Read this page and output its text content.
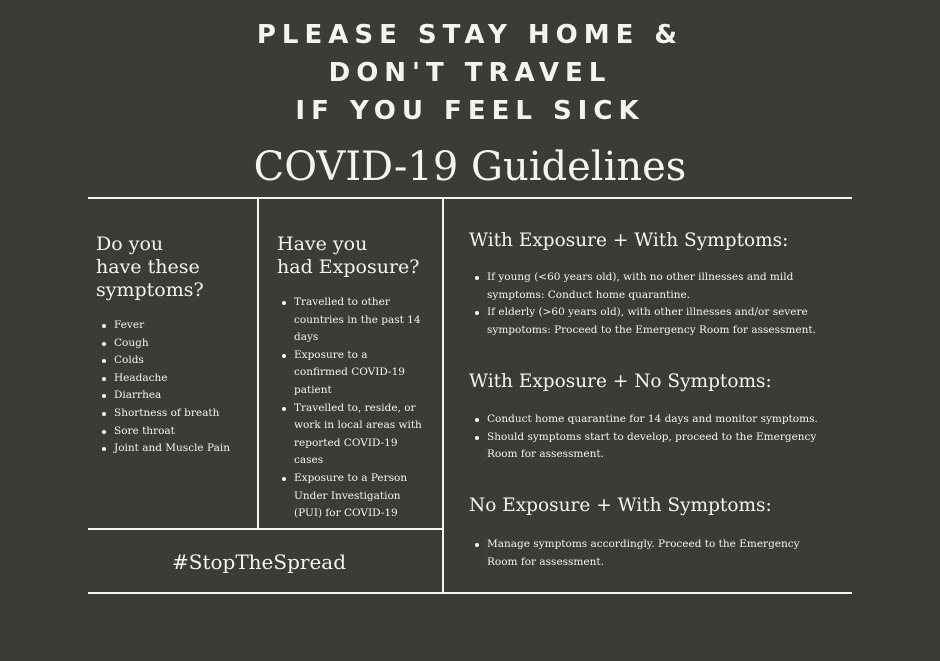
PLEASE STAY HOME &
DON'T TRAVEL
IF YOU FEEL SICK
COVID-19 Guidelines
Do you
have these
symptoms?
Fever
Cough
Colds
Headache
Diarrhea
Shortness of breath
Sore throat
Joint and Muscle Pain
Have you
had Exposure?
Travelled to other countries in the past 14 days
Exposure to a confirmed COVID-19 patient
Travelled to, reside, or work in local areas with reported COVID-19 cases
Exposure to a Person Under Investigation (PUI) for COVID-19
With Exposure + With Symptoms:
If young (<60 years old), with no other illnesses and mild symptoms: Conduct home quarantine.
If elderly (>60 years old), with other illnesses and/or severe sympotoms: Proceed to the Emergency Room for assessment.
With Exposure + No Symptoms:
Conduct home quarantine for 14 days and monitor symptoms.
Should symptoms start to develop, proceed to the Emergency Room for assessment.
No Exposure + With Symptoms:
Manage symptoms accordingly. Proceed to the Emergency Room for assessment.
#StopTheSpread
